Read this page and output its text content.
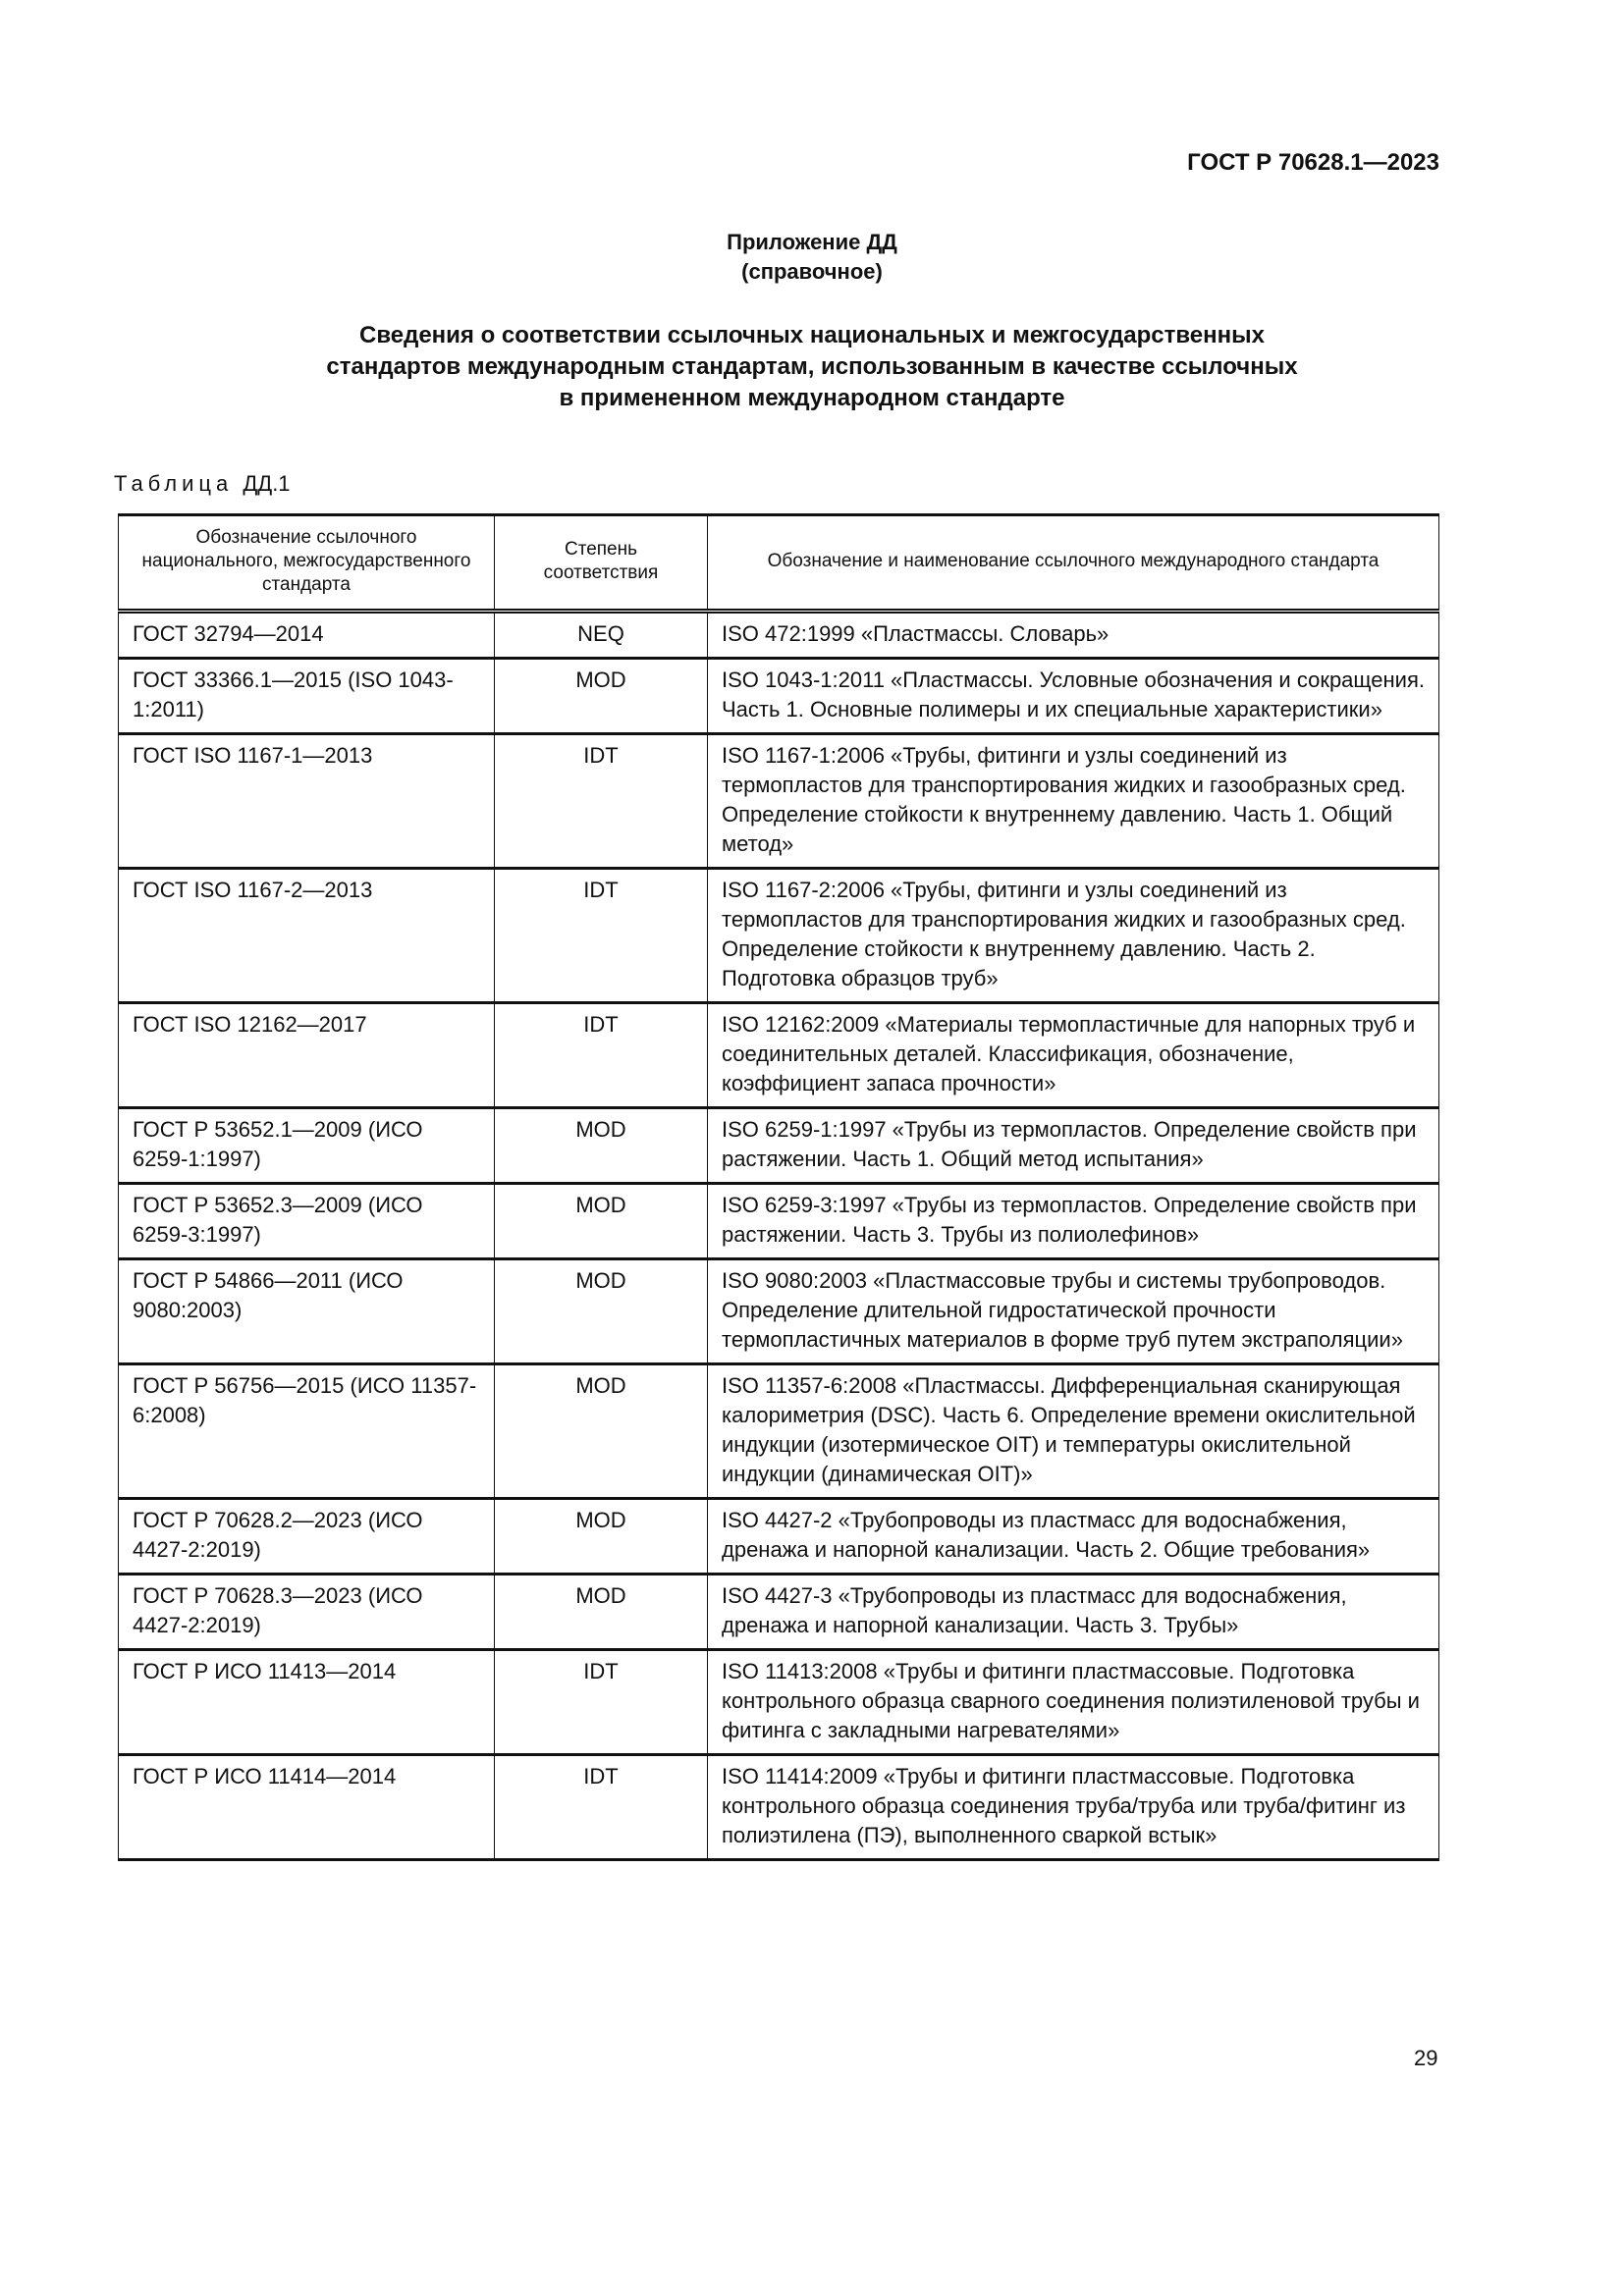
ГОСТ Р 70628.1—2023
Приложение ДД
(справочное)
Сведения о соответствии ссылочных национальных и межгосударственных
стандартов международным стандартам, использованным в качестве ссылочных
в примененном международном стандарте
Таблица ДД.1
Обозначение ссылочного национального, межгосударственного стандарта	Степень соответствия	Обозначение и наименование ссылочного международного стандарта
ГОСТ 32794—2014	NEQ	ISO 472:1999 «Пластмассы. Словарь»
ГОСТ 33366.1—2015 (ISO 1043-1:2011)	MOD	ISO 1043-1:2011 «Пластмассы. Условные обозначения и сокращения. Часть 1. Основные полимеры и их специальные характеристики»
ГОСТ ISO 1167-1—2013	IDT	ISO 1167-1:2006 «Трубы, фитинги и узлы соединений из термопластов для транспортирования жидких и газообразных сред. Определение стойкости к внутреннему давлению. Часть 1. Общий метод»
ГОСТ ISO 1167-2—2013	IDT	ISO 1167-2:2006 «Трубы, фитинги и узлы соединений из термопластов для транспортирования жидких и газообразных сред. Определение стойкости к внутреннему давлению. Часть 2. Подготовка образцов труб»
ГОСТ ISO 12162—2017	IDT	ISO 12162:2009 «Материалы термопластичные для напорных труб и соединительных деталей. Классификация, обозначение, коэффициент запаса прочности»
ГОСТ Р 53652.1—2009 (ИСО 6259-1:1997)	MOD	ISO 6259-1:1997 «Трубы из термопластов. Определение свойств при растяжении. Часть 1. Общий метод испытания»
ГОСТ Р 53652.3—2009 (ИСО 6259-3:1997)	MOD	ISO 6259-3:1997 «Трубы из термопластов. Определение свойств при растяжении. Часть 3. Трубы из полиолефинов»
ГОСТ Р 54866—2011 (ИСО 9080:2003)	MOD	ISO 9080:2003 «Пластмассовые трубы и системы трубопроводов. Определение длительной гидростатической прочности термопластичных материалов в форме труб путем экстраполяции»
ГОСТ Р 56756—2015 (ИСО 11357-6:2008)	MOD	ISO 11357-6:2008 «Пластмассы. Дифференциальная сканирующая калориметрия (DSC). Часть 6. Определение времени окислительной индукции (изотермическое OIT) и температуры окислительной индукции (динамическая OIT)»
ГОСТ Р 70628.2—2023 (ИСО 4427-2:2019)	MOD	ISO 4427-2 «Трубопроводы из пластмасс для водоснабжения, дренажа и напорной канализации. Часть 2. Общие требования»
ГОСТ Р 70628.3—2023 (ИСО 4427-2:2019)	MOD	ISO 4427-3 «Трубопроводы из пластмасс для водоснабжения, дренажа и напорной канализации. Часть 3. Трубы»
ГОСТ Р ИСО 11413—2014	IDT	ISO 11413:2008 «Трубы и фитинги пластмассовые. Подготовка контрольного образца сварного соединения полиэтиленовой трубы и фитинга с закладными нагревателями»
ГОСТ Р ИСО 11414—2014	IDT	ISO 11414:2009 «Трубы и фитинги пластмассовые. Подготовка контрольного образца соединения труба/труба или труба/фитинг из полиэтилена (ПЭ), выполненного сваркой встык»
29
